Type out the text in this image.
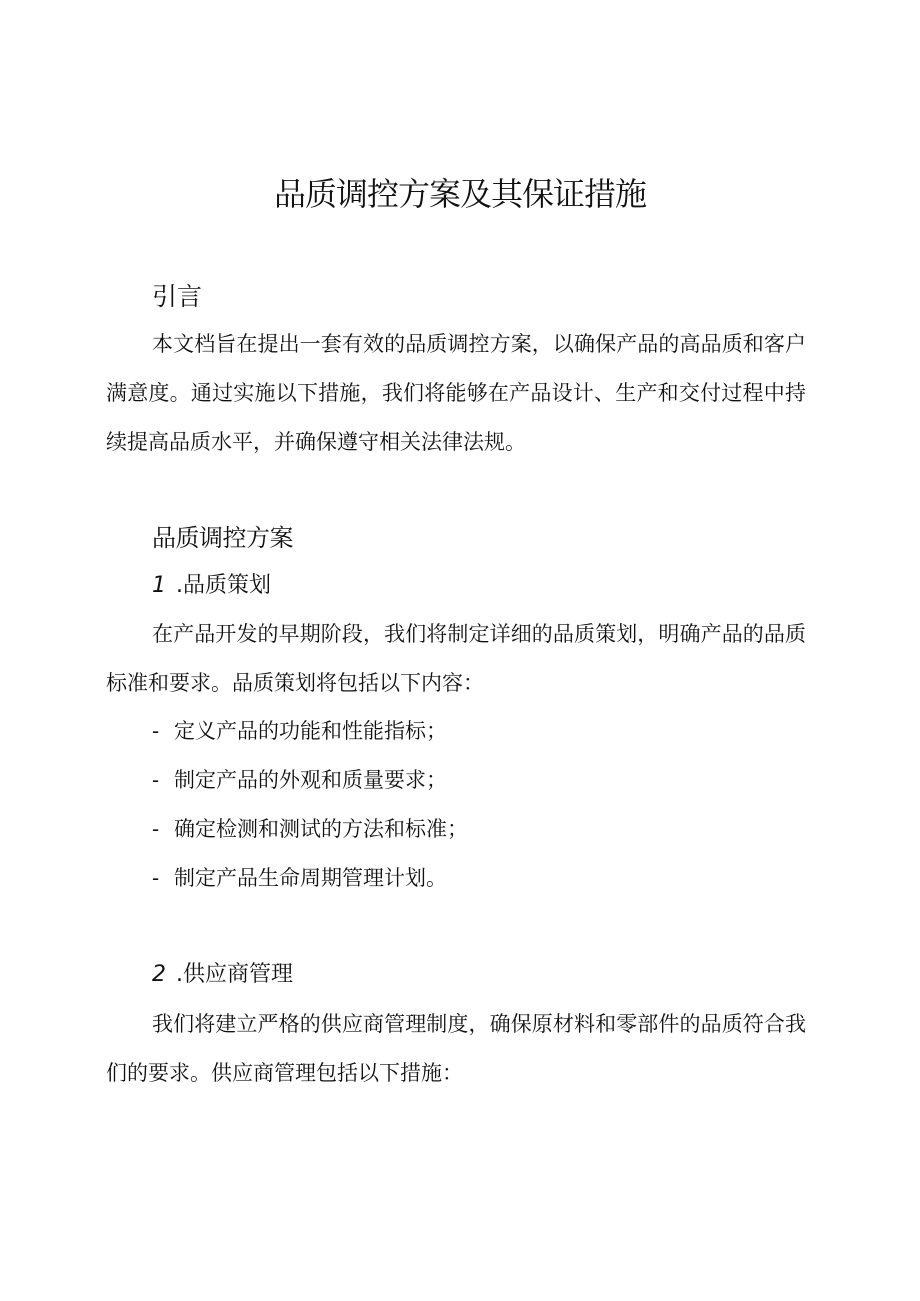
品质调控方案及其保证措施
引言

本文档旨在提出一套有效的品质调控方案，以确保产品的高品质和客户满意度。通过实施以下措施，我们将能够在产品设计、生产和交付过程中持续提高品质水平，并确保遵守相关法律法规。

品质调控方案
1 .品质策划

在产品开发的早期阶段，我们将制定详细的品质策划，明确产品的品质标准和要求。品质策划将包括以下内容：

- 定义产品的功能和性能指标；
- 制定产品的外观和质量要求；
- 确定检测和测试的方法和标准；
- 制定产品生命周期管理计划。
2 .供应商管理

我们将建立严格的供应商管理制度，确保原材料和零部件的品质符合我们的要求。供应商管理包括以下措施：
